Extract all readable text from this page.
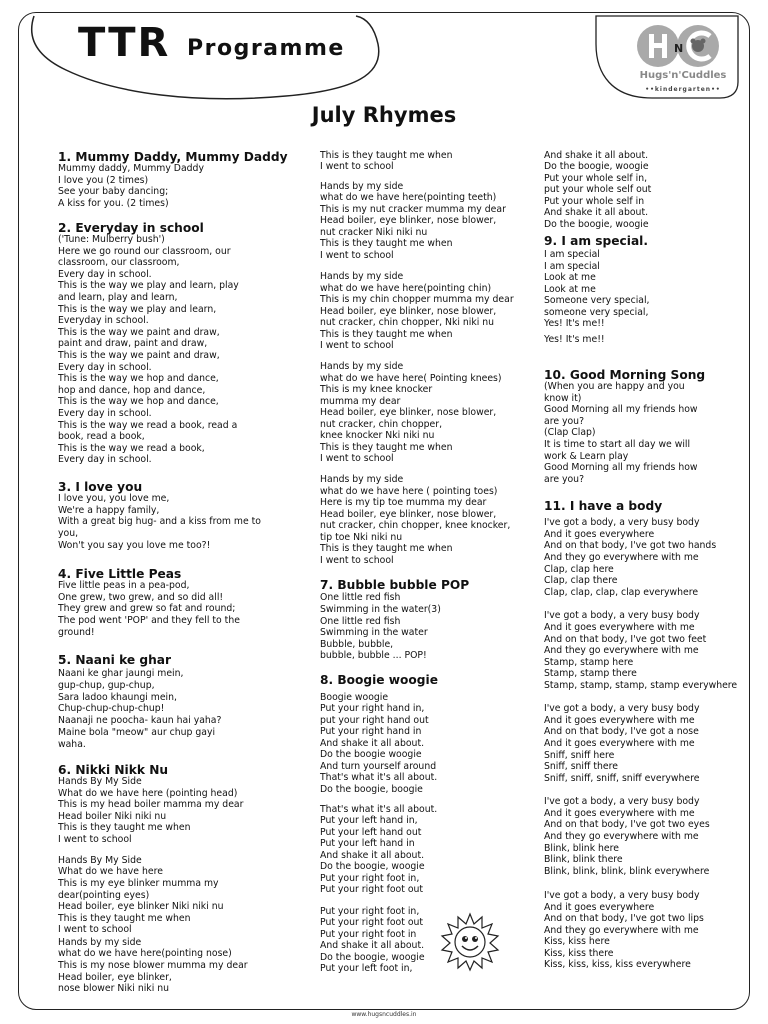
TTR Programme	N
Hugs'n'Cuddles
••kindergarten••
July Rhymes

1. Mummy Daddy, Mummy Daddy

Mummy daddy, Mummy Daddy

I love you (2 times)

See your baby dancing;

A kiss for you. (2 times)

2. Everyday in school

('Tune: Mulberry bush')

Here we go round our classroom, our

classroom, our classroom,

Every day in school.

This is the way we play and learn, play

and learn, play and learn,

This is the way we play and learn,

Everyday in school.

This is the way we paint and draw,

paint and draw, paint and draw,

This is the way we paint and draw,

Every day in school.

This is the way we hop and dance,

hop and dance, hop and dance,

This is the way we hop and dance,

Every day in school.

This is the way we read a book, read a

book, read a book,

This is the way we read a book,

Every day in school.

3. I love you

I love you, you love me,

We're a happy family,

With a great big hug- and a kiss from me to

you,

Won't you say you love me too?!

4. Five Little Peas

Five little peas in a pea-pod,

One grew, two grew, and so did all!

They grew and grew so fat and round;

The pod went 'POP' and they fell to the

ground!

5. Naani ke ghar

Naani ke ghar jaungi mein,

gup-chup, gup-chup,

Sara ladoo khaungi mein,

Chup-chup-chup-chup!

Naanaji ne poocha- kaun hai yaha?

Maine bola "meow" aur chup gayi

waha.

6. Nikki Nikk Nu

Hands By My Side

What do we have here (pointing head)

This is my head boiler mamma my dear

Head boiler Niki niki nu

This is they taught me when

I went to school

Hands By My Side

What do we have here

This is my eye blinker mumma my

dear(pointing eyes)

Head boiler, eye blinker Niki niki nu

This is they taught me when

I went to school

Hands by my side

what do we have here(pointing nose)

This is my nose blower mumma my dear

Head boiler, eye blinker,

nose blower Niki niki nu

This is they taught me when

I went to school

Hands by my side

what do we have here(pointing teeth)

This is my nut cracker mumma my dear

Head boiler, eye blinker, nose blower,

nut cracker Niki niki nu

This is they taught me when

I went to school

Hands by my side

what do we have here(pointing chin)

This is my chin chopper mumma my dear

Head boiler, eye blinker, nose blower,

nut cracker, chin chopper, Nki niki nu

This is they taught me when

I went to school

Hands by my side

what do we have here( Pointing knees)

This is my knee knocker

mumma my dear

Head boiler, eye blinker, nose blower,

nut cracker, chin chopper,

knee knocker Nki niki nu

This is they taught me when

I went to school

Hands by my side

what do we have here ( pointing toes)

Here is my tip toe mumma my dear

Head boiler, eye blinker, nose blower,

nut cracker, chin chopper, knee knocker,

tip toe Nki niki nu

This is they taught me when

I went to school

7. Bubble bubble POP

One little red fish

Swimming in the water(3)

One little red fish

Swimming in the water

Bubble, bubble,

bubble, bubble ... POP!

8. Boogie woogie

Boogie woogie

Put your right hand in,

put your right hand out

Put your right hand in

And shake it all about.

Do the boogie woogie

And turn yourself around

That's what it's all about.

Do the boogie, boogie

That's what it's all about.

Put your left hand in,

Put your left hand out

Put your left hand in

And shake it all about.

Do the boogie, woogie

Put your right foot in,

Put your right foot out

Put your right foot in,

Put your right foot out

Put your right foot in

And shake it all about.

Do the boogie, woogie

Put your left foot in,

And shake it all about.

Do the boogie, woogie

Put your whole self in,

put your whole self out

Put your whole self in

And shake it all about.

Do the boogie, woogie

9. I am special.

I am special

I am special

Look at me

Look at me

Someone very special,

someone very special,

Yes! It's me!!

Yes! It's me!!

10. Good Morning Song

(When you are happy and you

know it)

Good Morning all my friends how

are you?

(Clap Clap)

It is time to start all day we will

work & Learn play

Good Morning all my friends how

are you?

11. I have a body

I've got a body, a very busy body

And it goes everywhere

And on that body, I've got two hands

And they go everywhere with me

Clap, clap here

Clap, clap there

Clap, clap, clap, clap everywhere

I've got a body, a very busy body

And it goes everywhere with me

And on that body, I've got two feet

And they go everywhere with me

Stamp, stamp here

Stamp, stamp there

Stamp, stamp, stamp, stamp everywhere

I've got a body, a very busy body

And it goes everywhere with me

And on that body, I've got a nose

And it goes everywhere with me

Sniff, sniff here

Sniff, sniff there

Sniff, sniff, sniff, sniff everywhere

I've got a body, a very busy body

And it goes everywhere with me

And on that body, I've got two eyes

And they go everywhere with me

Blink, blink here

Blink, blink there

Blink, blink, blink, blink everywhere

I've got a body, a very busy body

And it goes everywhere

And on that body, I've got two lips

And they go everywhere with me

Kiss, kiss here

Kiss, kiss there

Kiss, kiss, kiss, kiss everywhere

www.hugsncuddles.in
